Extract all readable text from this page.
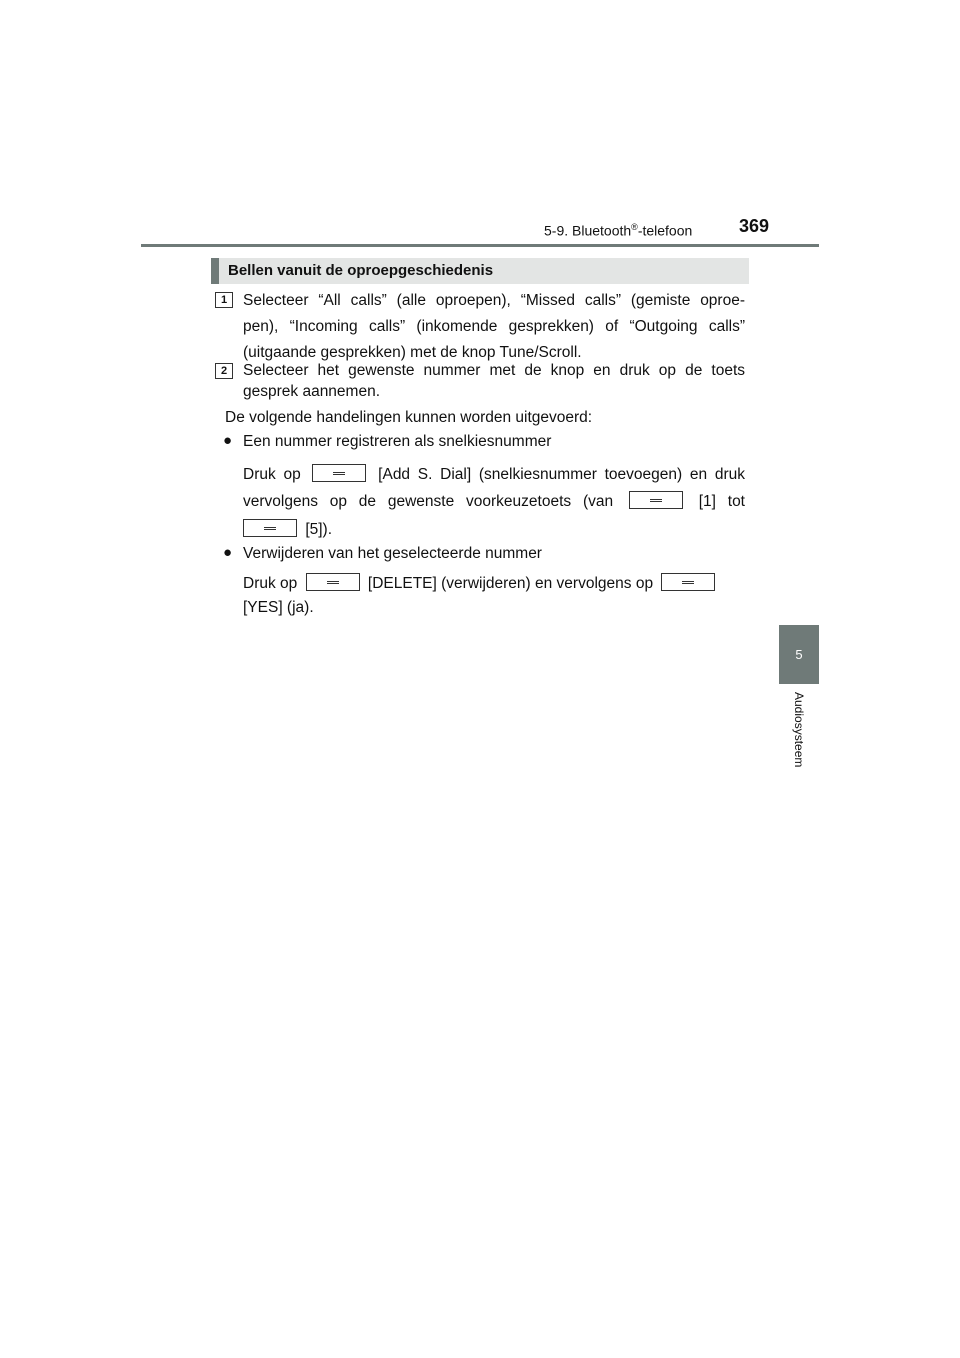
5-9. Bluetooth®-telefoon	369
5
Audiosysteem
Bellen vanuit de oproepgeschiedenis
1	Selecteer “All calls” (alle oproepen), “Missed calls” (gemiste oproe-
pen), “Incoming calls” (inkomende gesprekken) of “Outgoing calls”
(uitgaande gesprekken) met de knop Tune/Scroll.
2	Selecteer het gewenste nummer met de knop en druk op de toets
gesprek aannemen.
De volgende handelingen kunnen worden uitgevoerd:
● Een nummer registreren als snelkiesnummer
Druk op	[Add S. Dial] (snelkiesnummer toevoegen) en druk
vervolgens op de gewenste voorkeuzetoets (van	[1] tot
[5]).
● Verwijderen van het geselecteerde nummer
Druk op	[DELETE] (verwijderen) en vervolgens op
[YES] (ja).
